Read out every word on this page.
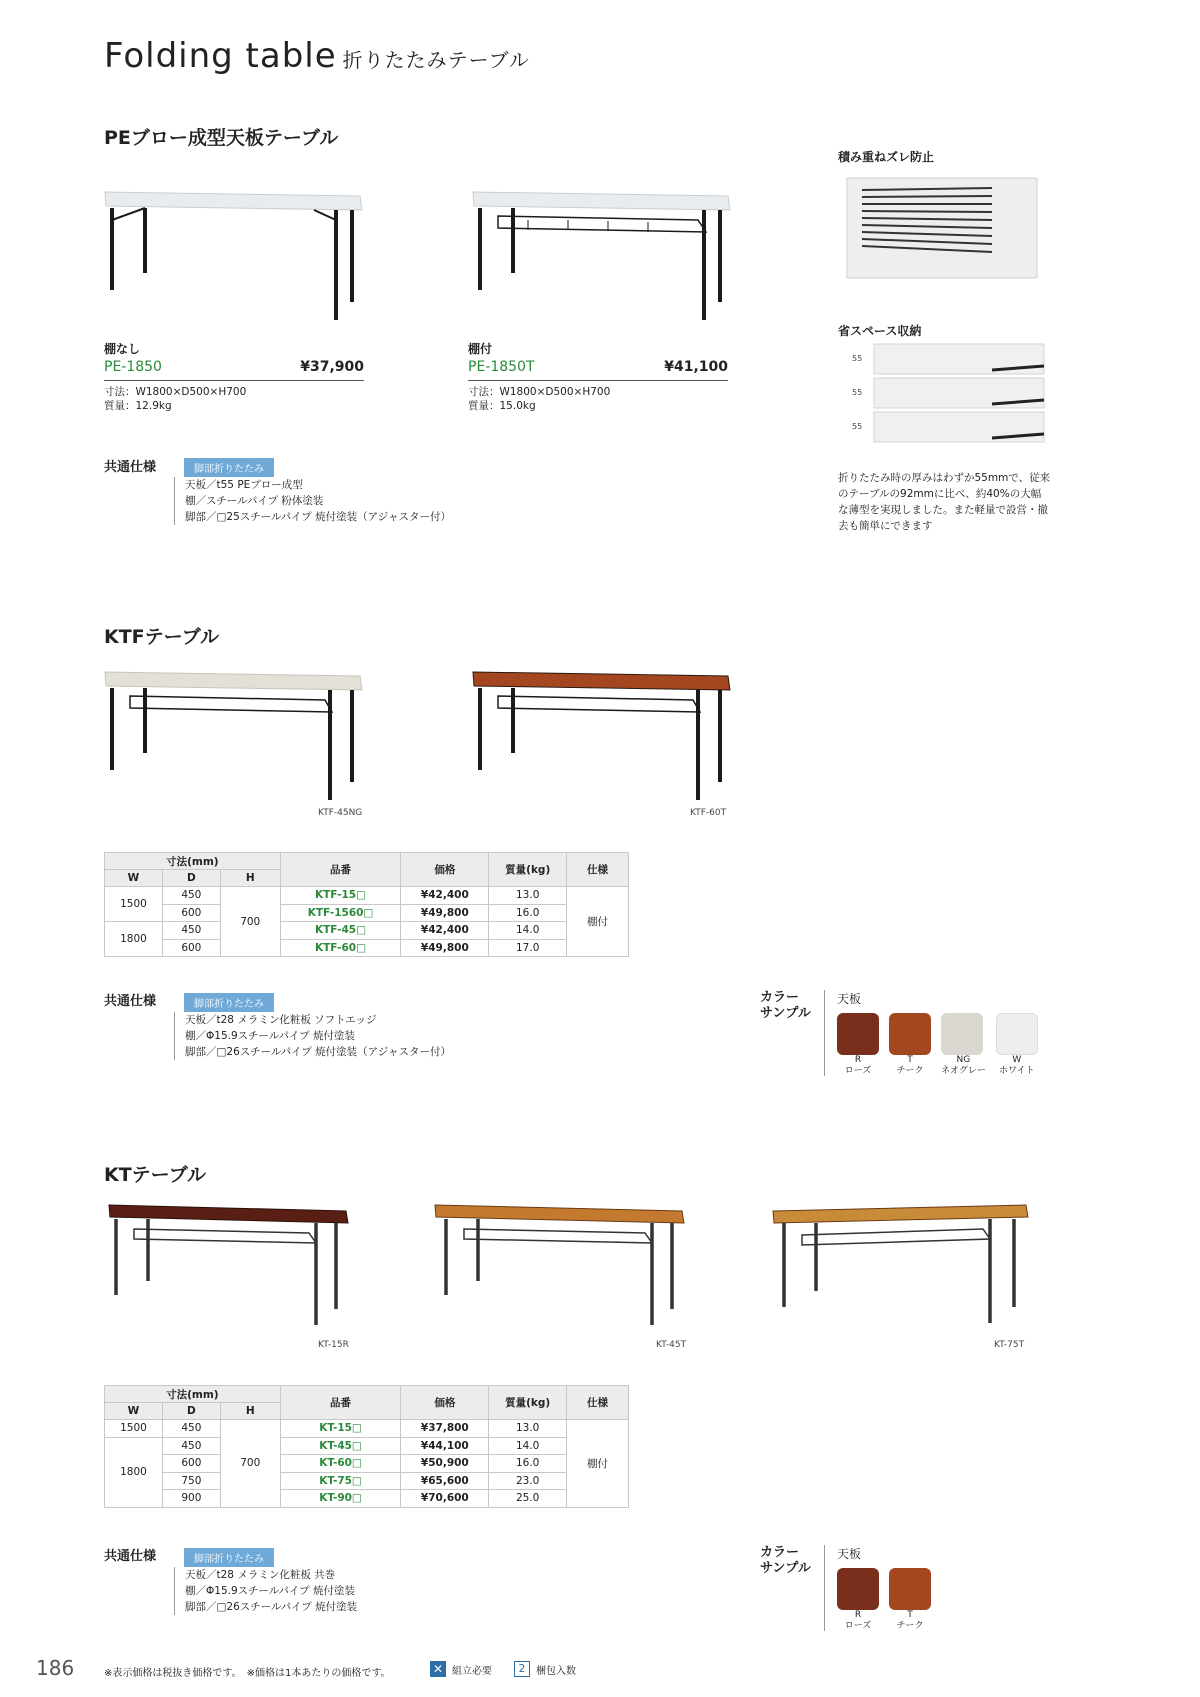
Folding table 折りたたみテーブル
PEブロー成型天板テーブル
棚なし
PE-1850	¥37,900
寸法：W1800×D500×H700
質量：12.9kg
棚付
PE-1850T	¥41,100
寸法：W1800×D500×H700
質量：15.0kg
共通仕様	脚部折りたたみ
天板／t55 PEブロー成型
棚／スチールパイプ 粉体塗装
脚部／□25スチールパイプ 焼付塗装（アジャスター付）
積み重ねズレ防止
省スペース収納
55
55
55
折りたたみ時の厚みはわずか55mmで、従来
のテーブルの92mmに比べ、約40%の大幅
な薄型を実現しました。また軽量で設営・撤
去も簡単にできます
KTFテーブル
KTF-45NG	KTF-60T
寸法(mm)			品番	価格	質量(kg)	仕様
W	D	H				
1500	450	700	KTF-15□	¥42,400	13.0	棚付
	600		KTF-1560□	¥49,800	16.0	
1800	450		KTF-45□	¥42,400	14.0	
	600		KTF-60□	¥49,800	17.0	
共通仕様	脚部折りたたみ
天板／t28 メラミン化粧板 ソフトエッジ
棚／Φ15.9スチールパイプ 焼付塗装
脚部／□26スチールパイプ 焼付塗装（アジャスター付）
カラー
サンプル
天板
R
ローズ
T
チーク
NG
ネオグレー
W
ホワイト
KTテーブル
KT-15R	KT-45T	KT-75T
寸法(mm)			品番	価格	質量(kg)	仕様
W	D	H				
1500	450	700	KT-15□	¥37,800	13.0	棚付
1800	450		KT-45□	¥44,100	14.0	
	600		KT-60□	¥50,900	16.0	
	750		KT-75□	¥65,600	23.0	
	900		KT-90□	¥70,600	25.0	
共通仕様	脚部折りたたみ
天板／t28 メラミン化粧板 共巻
棚／Φ15.9スチールパイプ 焼付塗装
脚部／□26スチールパイプ 焼付塗装
カラー
サンプル
天板
R
ローズ
T
チーク
186	※表示価格は税抜き価格です。　※価格は1本あたりの価格です。	✕ 組立必要	2	梱包入数
